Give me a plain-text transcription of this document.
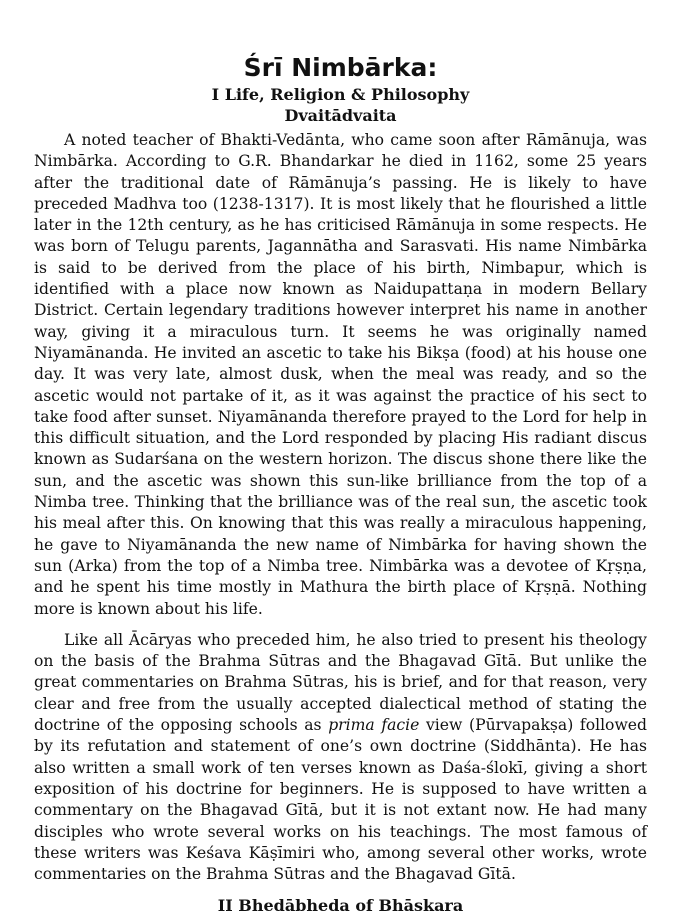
Śrī Nimbārka:
I Life, Religion & Philosophy
Dvaitādvaita

A noted teacher of Bhakti-Vedānta, who came soon after Rāmānuja, was Nimbārka. According to G.R. Bhandarkar he died in 1162, some 25 years after the traditional date of Rāmānuja’s passing. He is likely to have preceded Madhva too (1238-1317). It is most likely that he flourished a little later in the 12th century, as he has criticised Rāmānuja in some respects. He was born of Telugu parents, Jagannātha and Sarasvati. His name Nimbārka is said to be derived from the place of his birth, Nimbapur, which is identified with a place now known as Naidupattaṇa in modern Bellary District. Certain legendary traditions however interpret his name in another way, giving it a miraculous turn. It seems he was originally named Niyamānanda. He invited an ascetic to take his Bikṣa (food) at his house one day. It was very late, almost dusk, when the meal was ready, and so the ascetic would not partake of it, as it was against the practice of his sect to take food after sunset. Niyamānanda therefore prayed to the Lord for help in this difficult situation, and the Lord responded by placing His radiant discus known as Sudarśana on the western horizon. The discus shone there like the sun, and the ascetic was shown this sun-like brilliance from the top of a Nimba tree. Thinking that the brilliance was of the real sun, the ascetic took his meal after this. On knowing that this was really a miraculous happening, he gave to Niyamānanda the new name of Nimbārka for having shown the sun (Arka) from the top of a Nimba tree. Nimbārka was a devotee of Kṛṣṇa, and he spent his time mostly in Mathura the birth place of Kṛṣṇā. Nothing more is known about his life.

Like all Ācāryas who preceded him, he also tried to present his theology on the basis of the Brahma Sūtras and the Bhagavad Gītā. But unlike the great commentaries on Brahma Sūtras, his is brief, and for that reason, very clear and free from the usually accepted dialectical method of stating the doctrine of the opposing schools as prima facie view (Pūrvapakṣa) followed by its refutation and statement of one’s own doctrine (Siddhānta). He has also written a small work of ten verses known as Daśa-ślokī, giving a short exposition of his doctrine for beginners. He is supposed to have written a commentary on the Bhagavad Gītā, but it is not extant now. He had many disciples who wrote several works on his teachings. The most famous of these writers was Keśava Kāṣīmiri who, among several other works, wrote commentaries on the Brahma Sūtras and the Bhagavad Gītā.

II Bhedābheda of Bhāskara
